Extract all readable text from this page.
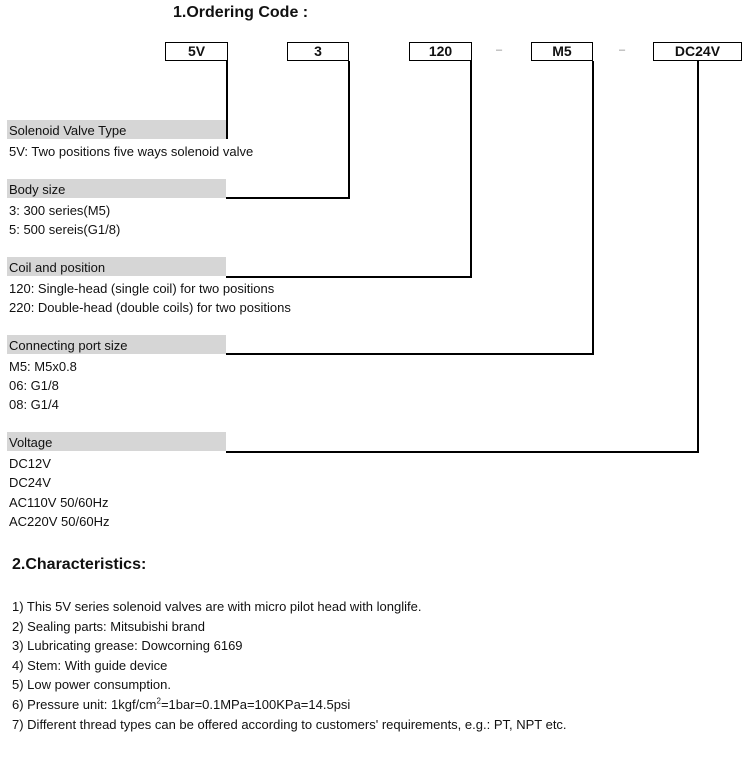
1.Ordering Code :
5V	3	120	–	M5	–	DC24V
Solenoid Valve Type
5V: Two positions five ways solenoid valve
Body size
3: 300 series(M5)
5: 500 sereis(G1/8)
Coil and position
120: Single-head (single coil) for two positions
220: Double-head (double coils) for two positions
Connecting port size
M5: M5x0.8
06: G1/8
08: G1/4
Voltage
DC12V
DC24V
AC110V 50/60Hz
AC220V 50/60Hz
2.Characteristics:
1) This 5V series solenoid valves are with micro pilot head with longlife.
2) Sealing parts: Mitsubishi brand
3) Lubricating grease: Dowcorning 6169
4) Stem: With guide device
5) Low power consumption.
6) Pressure unit: $1kgf/cm^2=1bar=0.1MPa=100KPa=14.5psi$
7) Different thread types can be offered according to customers' requirements, e.g.: PT, NPT etc.
